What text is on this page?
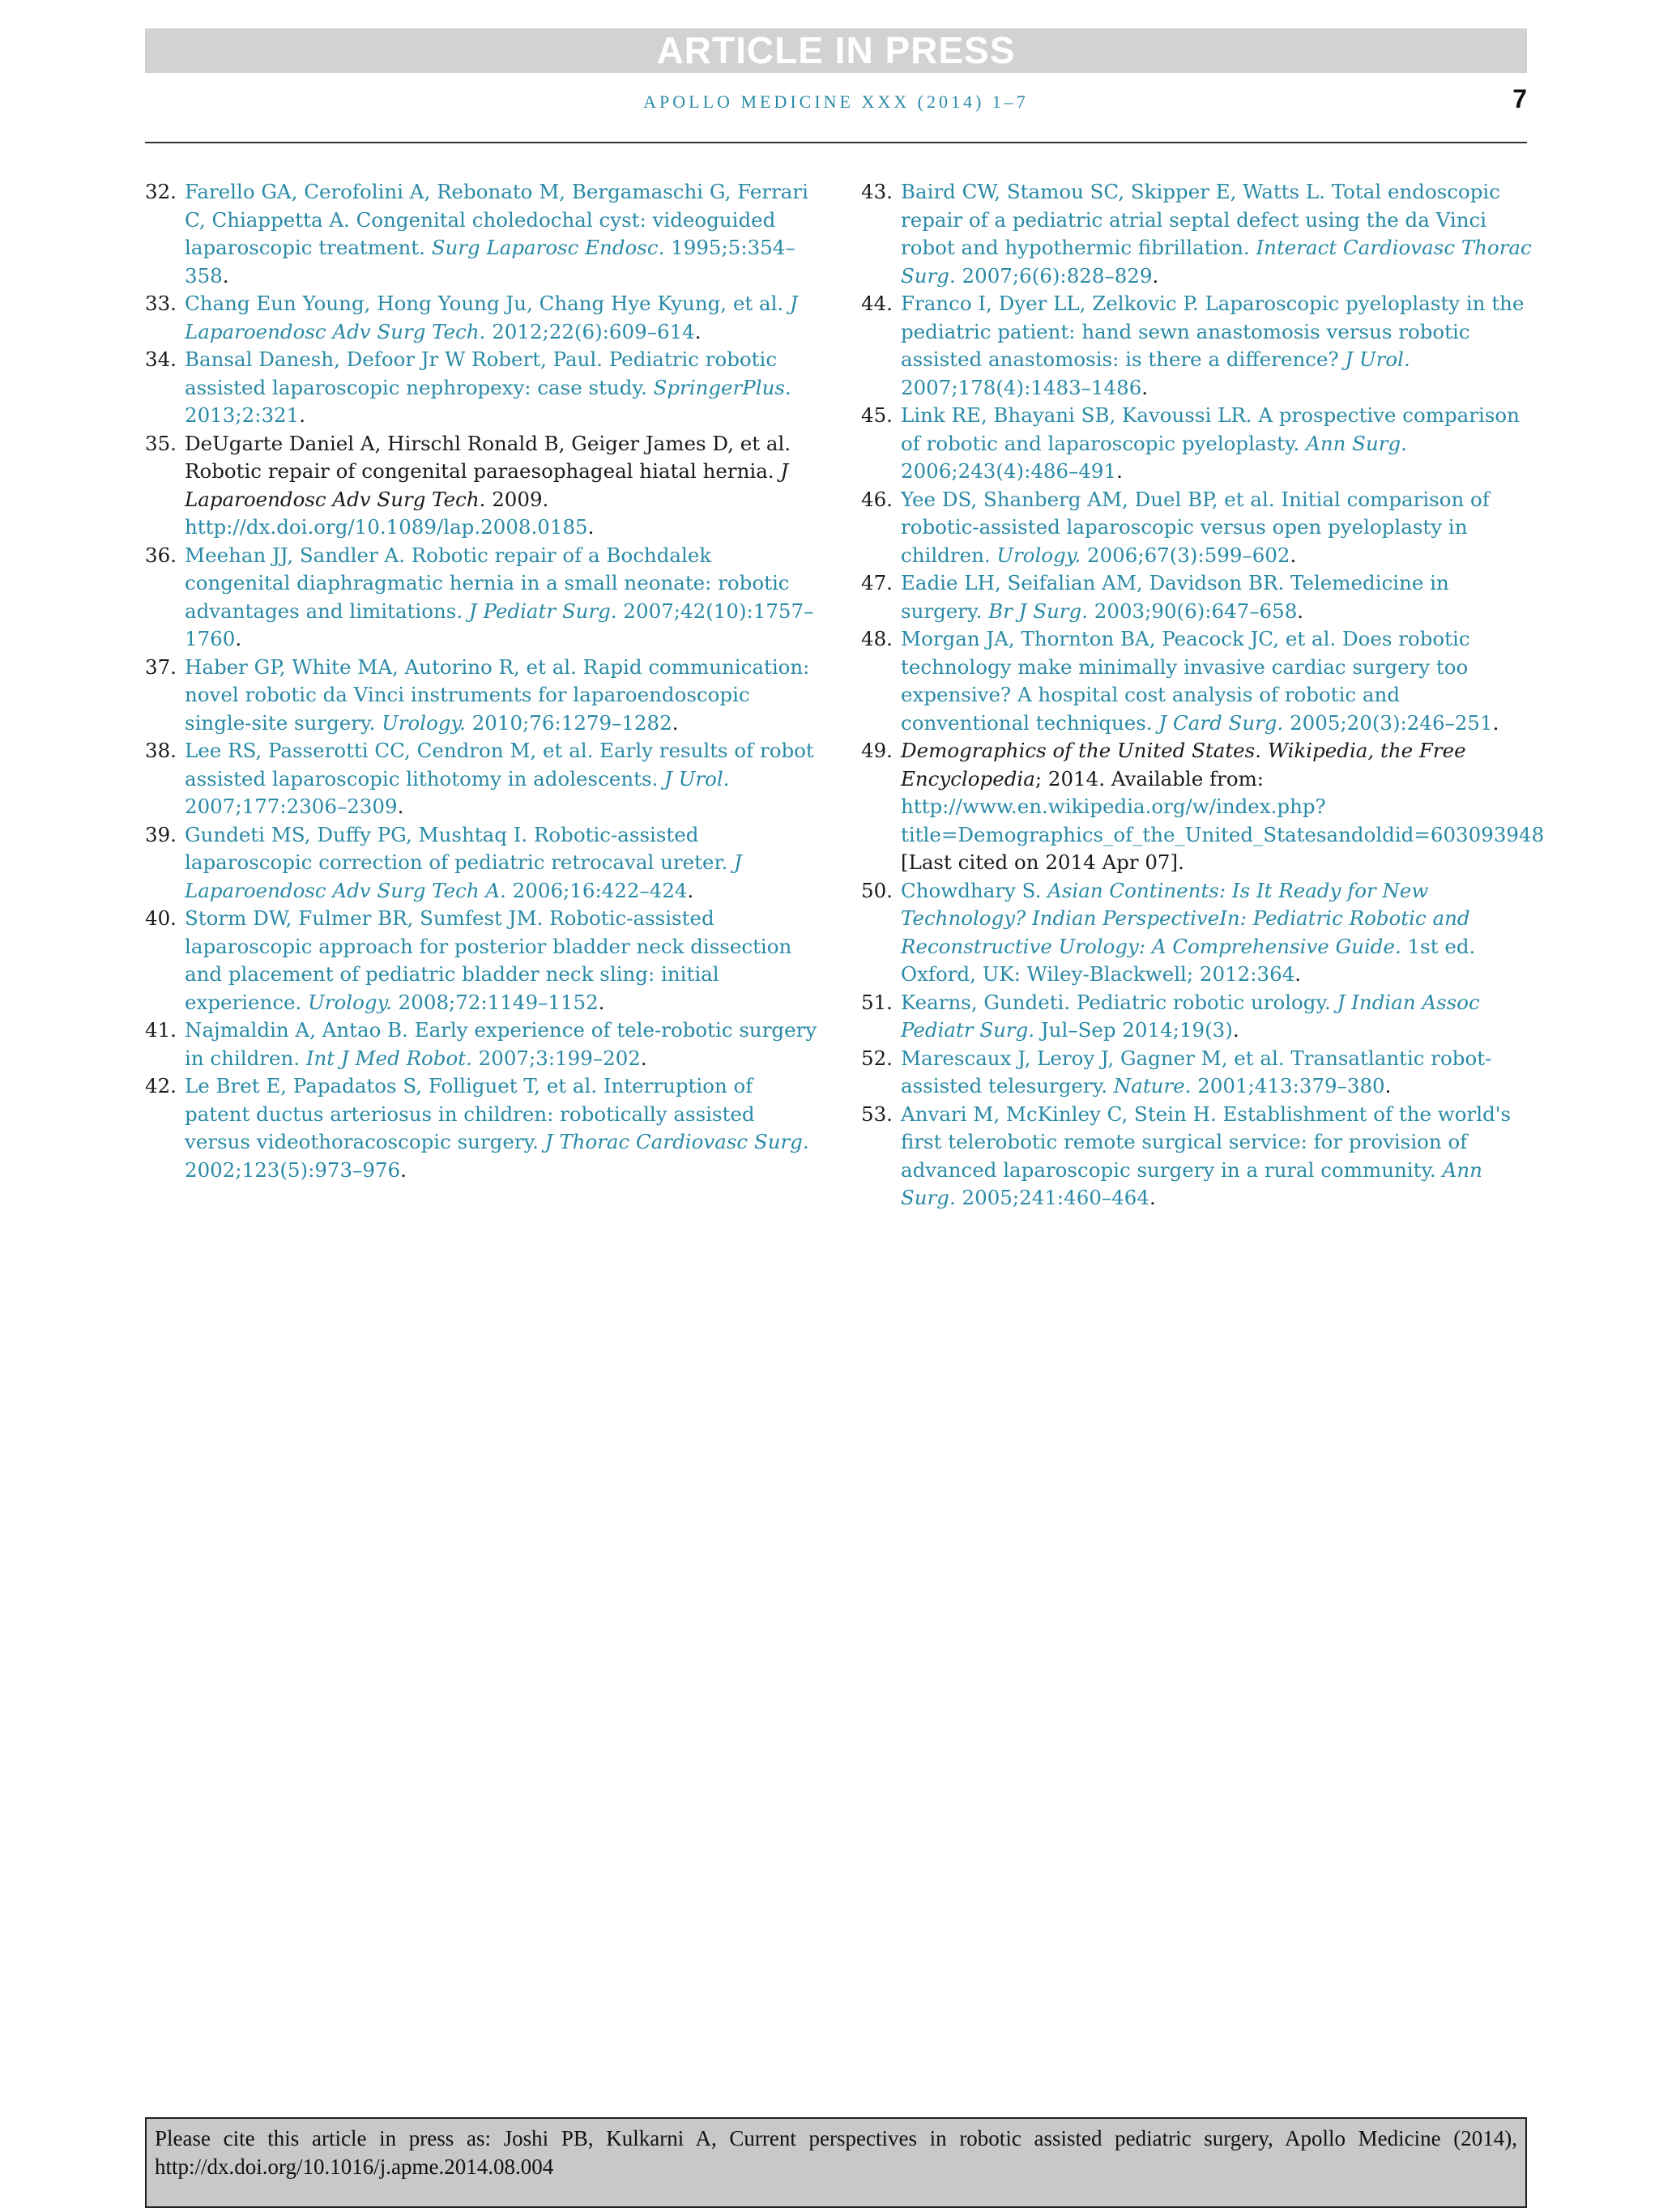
ARTICLE IN PRESS
APOLLO MEDICINE XXX (2014) 1–7	7
32. Farello GA, Cerofolini A, Rebonato M, Bergamaschi G, Ferrari C, Chiappetta A. Congenital choledochal cyst: videoguided laparoscopic treatment. Surg Laparosc Endosc. 1995;5:354–358.
33. Chang Eun Young, Hong Young Ju, Chang Hye Kyung, et al. J Laparoendosc Adv Surg Tech. 2012;22(6):609–614.
34. Bansal Danesh, Defoor Jr W Robert, Paul. Pediatric robotic assisted laparoscopic nephropexy: case study. SpringerPlus. 2013;2:321.
35. DeUgarte Daniel A, Hirschl Ronald B, Geiger James D, et al. Robotic repair of congenital paraesophageal hiatal hernia. J Laparoendosc Adv Surg Tech. 2009. http://dx.doi.org/10.1089/lap.2008.0185.
36. Meehan JJ, Sandler A. Robotic repair of a Bochdalek congenital diaphragmatic hernia in a small neonate: robotic advantages and limitations. J Pediatr Surg. 2007;42(10):1757–1760.
37. Haber GP, White MA, Autorino R, et al. Rapid communication: novel robotic da Vinci instruments for laparoendoscopic single-site surgery. Urology. 2010;76:1279–1282.
38. Lee RS, Passerotti CC, Cendron M, et al. Early results of robot assisted laparoscopic lithotomy in adolescents. J Urol. 2007;177:2306–2309.
39. Gundeti MS, Duffy PG, Mushtaq I. Robotic-assisted laparoscopic correction of pediatric retrocaval ureter. J Laparoendosc Adv Surg Tech A. 2006;16:422–424.
40. Storm DW, Fulmer BR, Sumfest JM. Robotic-assisted laparoscopic approach for posterior bladder neck dissection and placement of pediatric bladder neck sling: initial experience. Urology. 2008;72:1149–1152.
41. Najmaldin A, Antao B. Early experience of tele-robotic surgery in children. Int J Med Robot. 2007;3:199–202.
42. Le Bret E, Papadatos S, Folliguet T, et al. Interruption of patent ductus arteriosus in children: robotically assisted versus videothoracoscopic surgery. J Thorac Cardiovasc Surg. 2002;123(5):973–976.
43. Baird CW, Stamou SC, Skipper E, Watts L. Total endoscopic repair of a pediatric atrial septal defect using the da Vinci robot and hypothermic fibrillation. Interact Cardiovasc Thorac Surg. 2007;6(6):828–829.
44. Franco I, Dyer LL, Zelkovic P. Laparoscopic pyeloplasty in the pediatric patient: hand sewn anastomosis versus robotic assisted anastomosis: is there a difference? J Urol. 2007;178(4):1483–1486.
45. Link RE, Bhayani SB, Kavoussi LR. A prospective comparison of robotic and laparoscopic pyeloplasty. Ann Surg. 2006;243(4):486–491.
46. Yee DS, Shanberg AM, Duel BP, et al. Initial comparison of robotic-assisted laparoscopic versus open pyeloplasty in children. Urology. 2006;67(3):599–602.
47. Eadie LH, Seifalian AM, Davidson BR. Telemedicine in surgery. Br J Surg. 2003;90(6):647–658.
48. Morgan JA, Thornton BA, Peacock JC, et al. Does robotic technology make minimally invasive cardiac surgery too expensive? A hospital cost analysis of robotic and conventional techniques. J Card Surg. 2005;20(3):246–251.
49. Demographics of the United States. Wikipedia, the Free Encyclopedia; 2014. Available from: http://www.en.wikipedia.org/w/index.php?title=Demographics_of_the_United_Statesandoldid=603093948 [Last cited on 2014 Apr 07].
50. Chowdhary S. Asian Continents: Is It Ready for New Technology? Indian PerspectiveIn: Pediatric Robotic and Reconstructive Urology: A Comprehensive Guide. 1st ed. Oxford, UK: Wiley-Blackwell; 2012:364.
51. Kearns, Gundeti. Pediatric robotic urology. J Indian Assoc Pediatr Surg. Jul–Sep 2014;19(3).
52. Marescaux J, Leroy J, Gagner M, et al. Transatlantic robot-assisted telesurgery. Nature. 2001;413:379–380.
53. Anvari M, McKinley C, Stein H. Establishment of the world's first telerobotic remote surgical service: for provision of advanced laparoscopic surgery in a rural community. Ann Surg. 2005;241:460–464.
Please cite this article in press as: Joshi PB, Kulkarni A, Current perspectives in robotic assisted pediatric surgery, Apollo Medicine (2014), http://dx.doi.org/10.1016/j.apme.2014.08.004
